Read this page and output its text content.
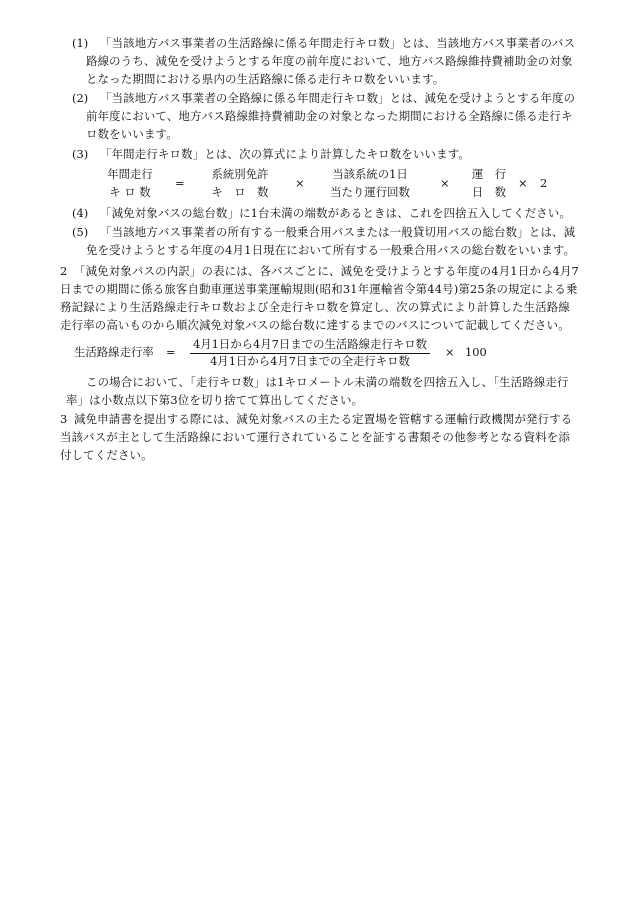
(1) 「当該地方バス事業者の生活路線に係る年間走行キロ数」とは、当該地方バス事業者のバス
路線のうち、減免を受けようとする年度の前年度において、地方バス路線維持費補助金の対象
となった期間における県内の生活路線に係る走行キロ数をいいます。
(2) 「当該地方バス事業者の全路線に係る年間走行キロ数」とは、減免を受けようとする年度の
前年度において、地方バス路線維持費補助金の対象となった期間における全路線に係る走行キ
ロ数をいいます。
(3) 「年間走行キロ数」とは、次の算式により計算したキロ数をいいます。
年間走行
キ ロ 数
=
系統別免許
キ　ロ　数
×
当該系統の1日
当たり運行回数
×
運　行
日　数
× 2
(4) 「減免対象バスの総台数」に1台未満の端数があるときは、これを四捨五入してください。
(5) 「当該地方バス事業者の所有する一般乗合用バスまたは一般貸切用バスの総台数」とは、減
免を受けようとする年度の4月1日現在において所有する一般乗合用バスの総台数をいいます。
2 「減免対象バスの内訳」の表には、各バスごとに、減免を受けようとする年度の4月1日から4月7
日までの期間に係る旅客自動車運送事業運輸規則(昭和31年運輸省令第44号)第25条の規定による乗
務記録により生活路線走行キロ数および全走行キロ数を算定し、次の算式により計算した生活路線
走行率の高いものから順次減免対象バスの総台数に達するまでのバスについて記載してください。
生活路線走行率 =
4月1日から4月7日までの生活路線走行キロ数
4月1日から4月7日までの全走行キロ数
× 100
この場合において、「走行キロ数」は1キロメートル未満の端数を四捨五入し、「生活路線走行
率」は小数点以下第3位を切り捨てて算出してください。
3 減免申請書を提出する際には、減免対象バスの主たる定置場を管轄する運輸行政機関が発行する
当該バスが主として生活路線において運行されていることを証する書類その他参考となる資料を添
付してください。
